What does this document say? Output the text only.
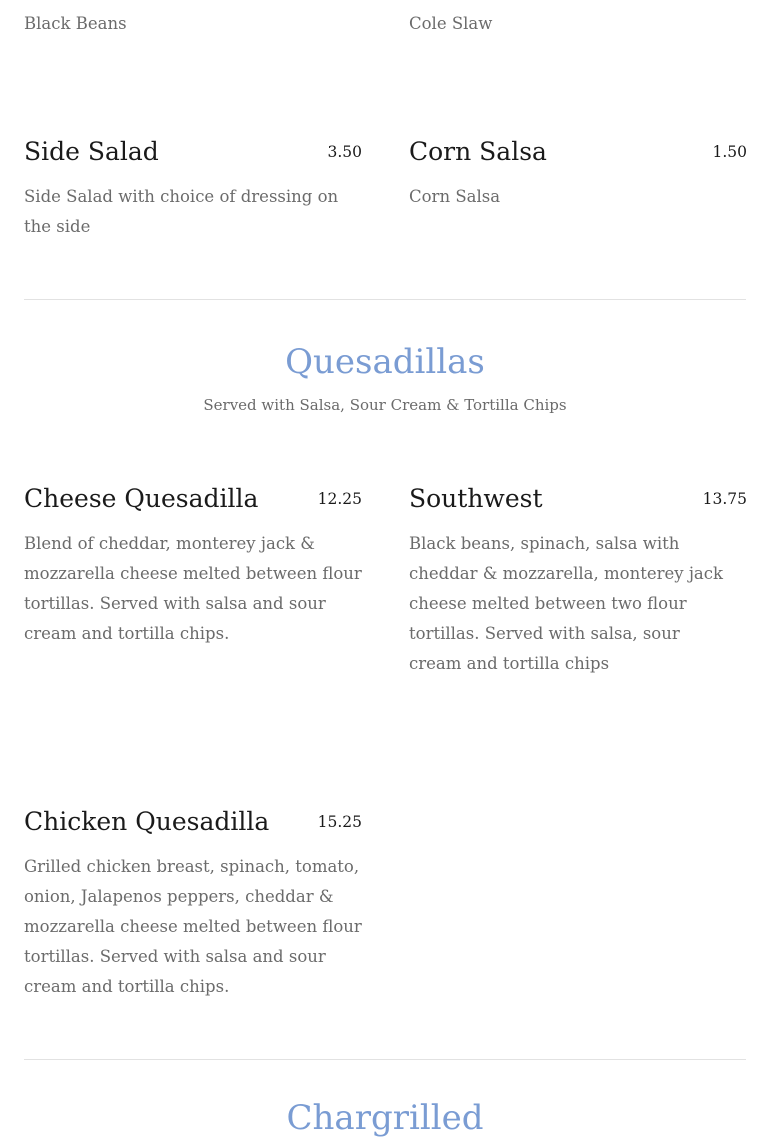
Black Beans	Cole Slaw

Side Salad	3.50

Side Salad with choice of dressing on the side

Corn Salsa	1.50

Corn Salsa

Quesadillas
Served with Salsa, Sour Cream & Tortilla Chips
Cheese Quesadilla	12.25

Blend of cheddar, monterey jack & mozzarella cheese melted between flour tortillas. Served with salsa and sour cream and tortilla chips.

Southwest	13.75

Black beans, spinach, salsa with cheddar & mozzarella, monterey jack cheese melted between two flour tortillas. Served with salsa, sour cream and tortilla chips

Chicken Quesadilla	15.25

Grilled chicken breast, spinach, tomato, onion, Jalapenos peppers, cheddar & mozzarella cheese melted between flour tortillas. Served with salsa and sour cream and tortilla chips.

Chargrilled
